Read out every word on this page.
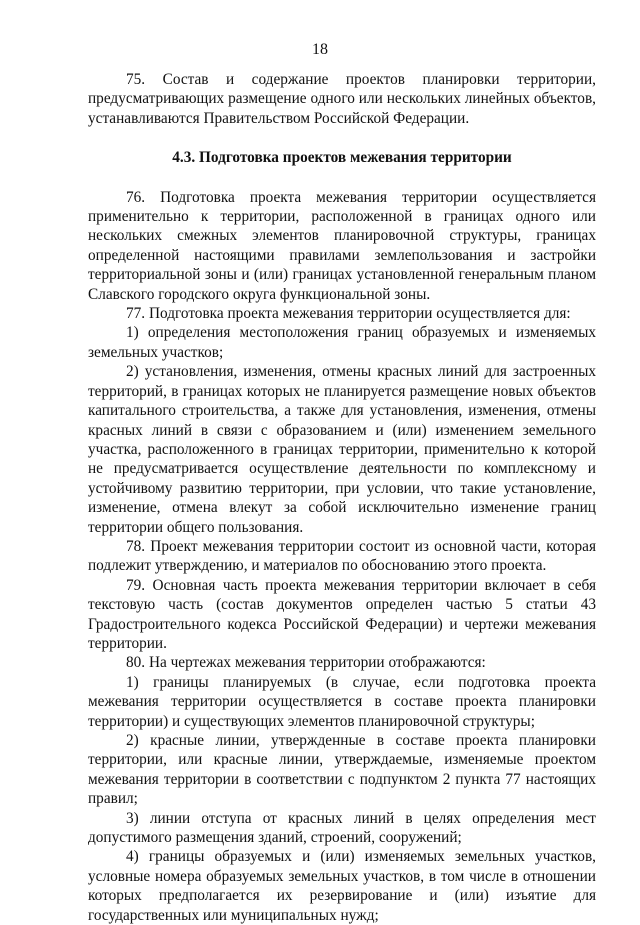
18

75. Состав и содержание проектов планировки территории, предусматривающих размещение одного или нескольких линейных объектов, устанавливаются Правительством Российской Федерации.

4.3. Подготовка проектов межевания территории

76. Подготовка проекта межевания территории осуществляется применительно к территории, расположенной в границах одного или нескольких смежных элементов планировочной структуры, границах определенной настоящими правилами землепользования и застройки территориальной зоны и (или) границах установленной генеральным планом Славского городского округа функциональной зоны.

77. Подготовка проекта межевания территории осуществляется для:

1) определения местоположения границ образуемых и изменяемых земельных участков;

2) установления, изменения, отмены красных линий для застроенных территорий, в границах которых не планируется размещение новых объектов капитального строительства, а также для установления, изменения, отмены красных линий в связи с образованием и (или) изменением земельного участка, расположенного в границах территории, применительно к которой не предусматривается осуществление деятельности по комплексному и устойчивому развитию территории, при условии, что такие установление, изменение, отмена влекут за собой исключительно изменение границ территории общего пользования.

78. Проект межевания территории состоит из основной части, которая подлежит утверждению, и материалов по обоснованию этого проекта.

79. Основная часть проекта межевания территории включает в себя текстовую часть (состав документов определен частью 5 статьи 43 Градостроительного кодекса Российской Федерации) и чертежи межевания территории.

80. На чертежах межевания территории отображаются:

1) границы планируемых (в случае, если подготовка проекта межевания территории осуществляется в составе проекта планировки территории) и существующих элементов планировочной структуры;

2) красные линии, утвержденные в составе проекта планировки территории, или красные линии, утверждаемые, изменяемые проектом межевания территории в соответствии с подпунктом 2 пункта 77 настоящих правил;

3) линии отступа от красных линий в целях определения мест допустимого размещения зданий, строений, сооружений;

4) границы образуемых и (или) изменяемых земельных участков, условные номера образуемых земельных участков, в том числе в отношении которых предполагается их резервирование и (или) изъятие для государственных или муниципальных нужд;
